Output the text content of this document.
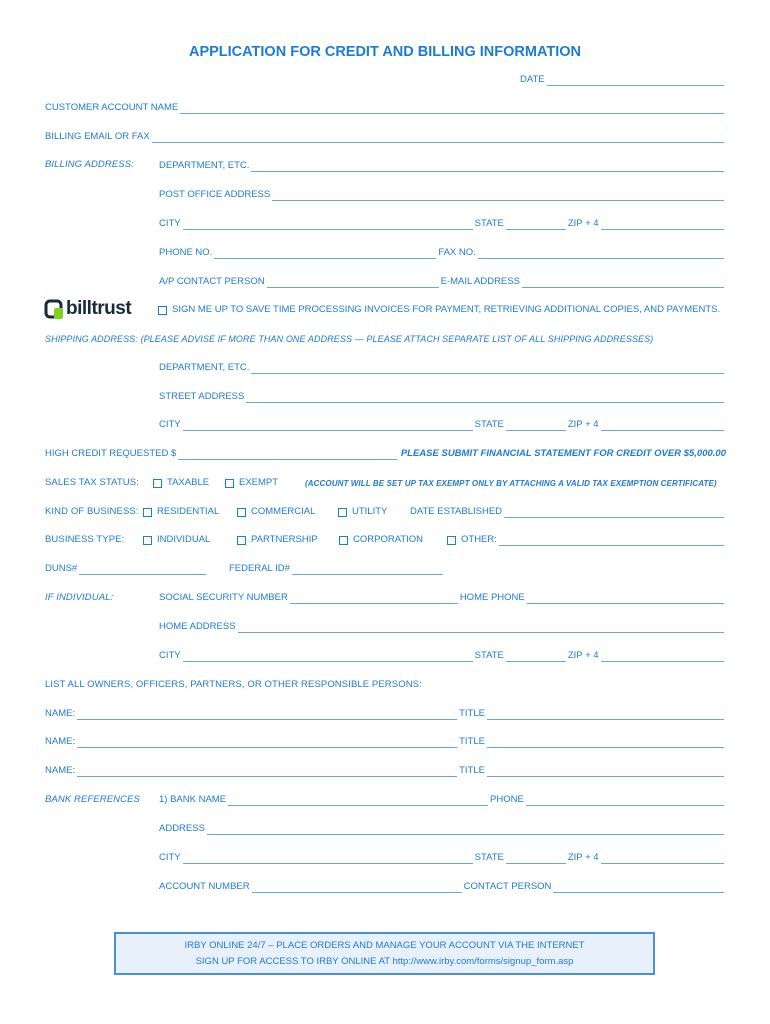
APPLICATION FOR CREDIT AND BILLING INFORMATION
DATE
CUSTOMER ACCOUNT NAME
BILLING EMAIL OR FAX
BILLING ADDRESS:	DEPARTMENT, ETC.
POST OFFICE ADDRESS
CITY	STATE	ZIP + 4
PHONE NO.	FAX NO.
A/P CONTACT PERSON	E-MAIL ADDRESS
billtrust	SIGN ME UP TO SAVE TIME PROCESSING INVOICES FOR PAYMENT, RETRIEVING ADDITIONAL COPIES, AND PAYMENTS.
SHIPPING ADDRESS: (PLEASE ADVISE IF MORE THAN ONE ADDRESS — PLEASE ATTACH SEPARATE LIST OF ALL SHIPPING ADDRESSES)
DEPARTMENT, ETC.
STREET ADDRESS
CITY	STATE	ZIP + 4
HIGH CREDIT REQUESTED $	PLEASE SUBMIT FINANCIAL STATEMENT FOR CREDIT OVER $5,000.00
SALES TAX STATUS:	TAXABLE	EXEMPT	(ACCOUNT WILL BE SET UP TAX EXEMPT ONLY BY ATTACHING A VALID TAX EXEMPTION CERTIFICATE)
KIND OF BUSINESS: RESIDENTIAL	COMMERCIAL	UTILITY DATE ESTABLISHED
BUSINESS TYPE:	INDIVIDUAL	PARTNERSHIP	CORPORATION	OTHER:
DUNS#	FEDERAL ID#
IF INDIVIDUAL:	SOCIAL SECURITY NUMBER	HOME PHONE
HOME ADDRESS
CITY	STATE	ZIP + 4
LIST ALL OWNERS, OFFICERS, PARTNERS, OR OTHER RESPONSIBLE PERSONS:
NAME:	TITLE
NAME:	TITLE
NAME:	TITLE
BANK REFERENCES 1) BANK NAME	PHONE
ADDRESS
CITY	STATE	ZIP + 4
ACCOUNT NUMBER	CONTACT PERSON
IRBY ONLINE 24/7 – PLACE ORDERS AND MANAGE YOUR ACCOUNT VIA THE INTERNET
SIGN UP FOR ACCESS TO IRBY ONLINE AT http://www.irby.com/forms/signup_form.asp
